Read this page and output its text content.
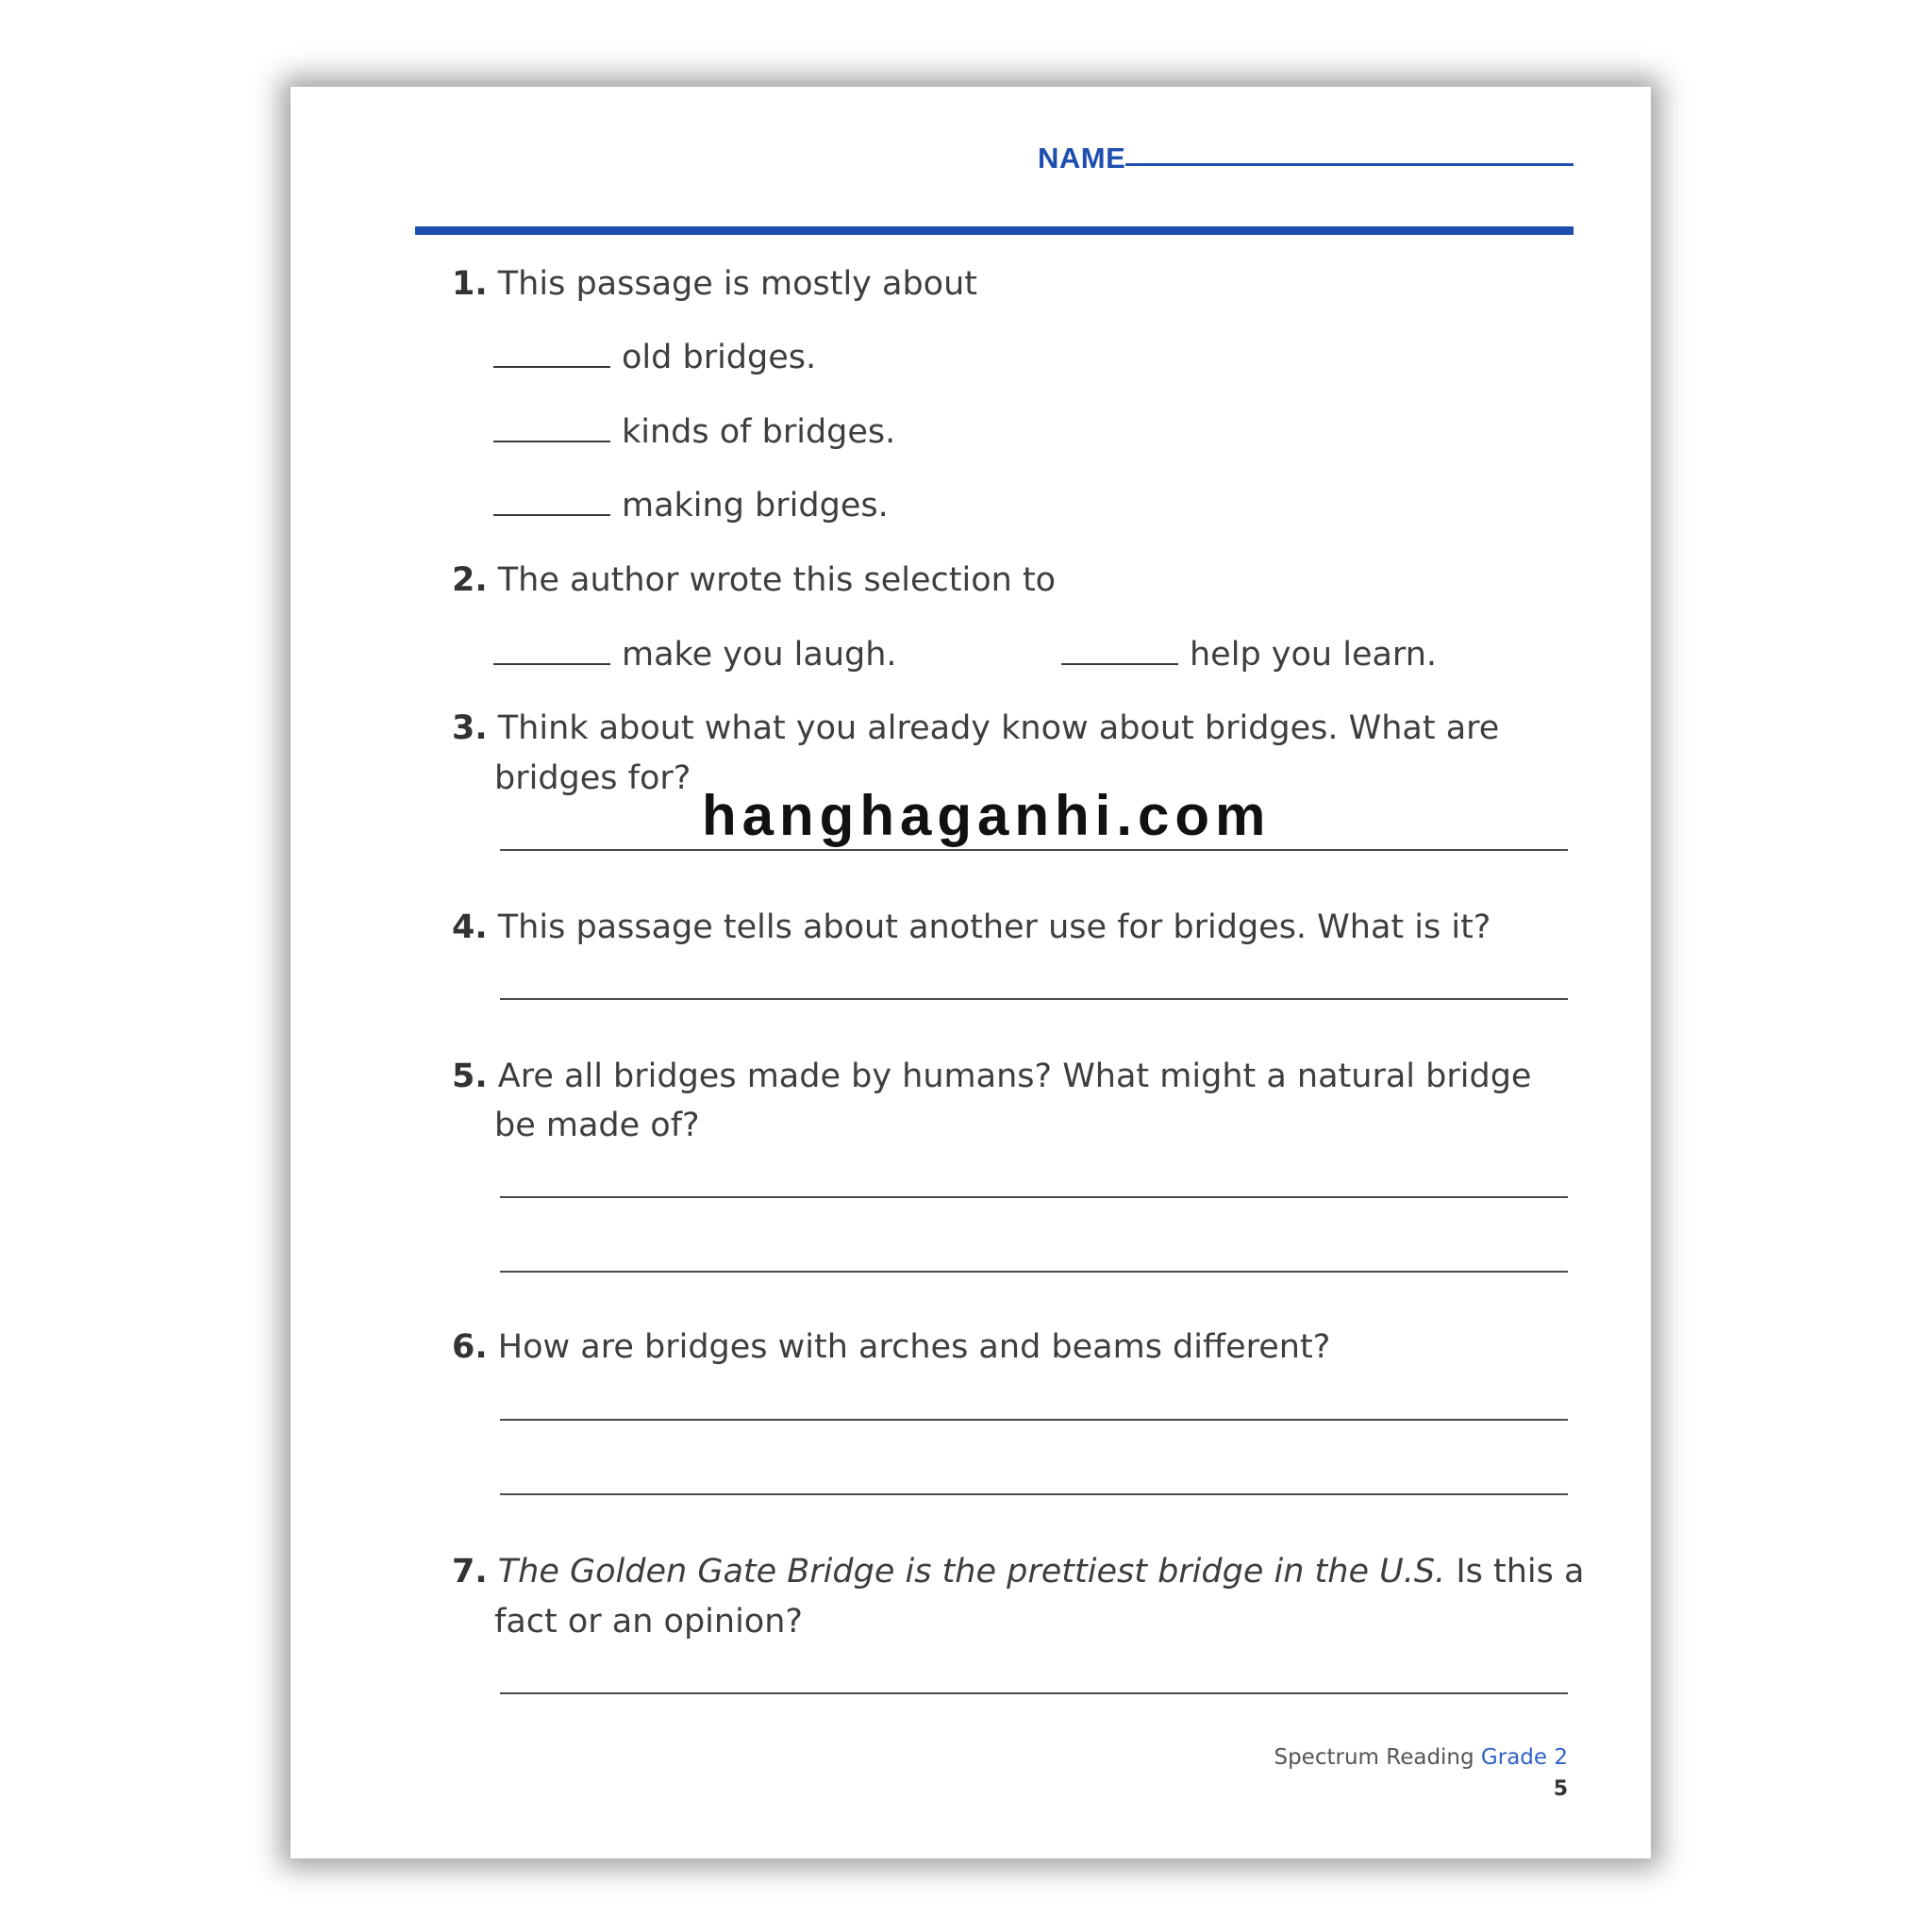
NAME
1. This passage is mostly about
old bridges.
kinds of bridges.
making bridges.
2. The author wrote this selection to
make you laugh.	help you learn.
3. Think about what you already know about bridges. What are
bridges for?
4. This passage tells about another use for bridges. What is it?
5. Are all bridges made by humans? What might a natural bridge
be made of?
6. How are bridges with arches and beams different?
7. The Golden Gate Bridge is the prettiest bridge in the U.S. Is this a
fact or an opinion?
hanghaganhi.com
Spectrum Reading Grade 2
5
